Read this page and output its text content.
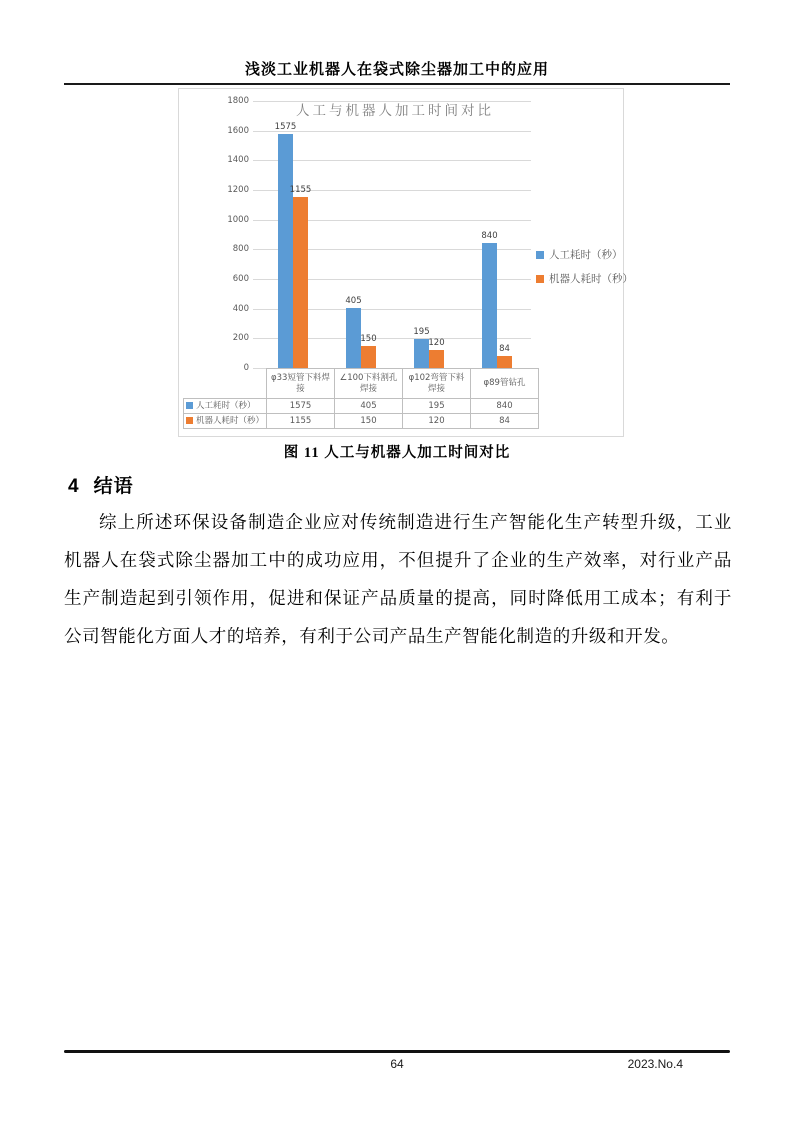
浅淡工业机器人在袋式除尘器加工中的应用
人工与机器人加工时间对比
0
200
400
600
800
1000
1200
1400
1600
1800
1575
405
195
840
1155
150	120
84
人工耗时（秒）
机器人耗时（秒）
	φ33短管下料焊接	∠100下料割孔焊接	φ102弯管下料焊接	φ89管钻孔
人工耗时（秒）	1575	405	195	840
机器人耗时（秒）	1155	150	120	84
图 11 人工与机器人加工时间对比
4 结语
综上所述环保设备制造企业应对传统制造进行生产智能化生产转型升级，工业机器人在袋式除尘器加工中的成功应用，不但提升了企业的生产效率，对行业产品生产制造起到引领作用，促进和保证产品质量的提高，同时降低用工成本；有利于公司智能化方面人才的培养，有利于公司产品生产智能化制造的升级和开发。
64	2023.No.4
